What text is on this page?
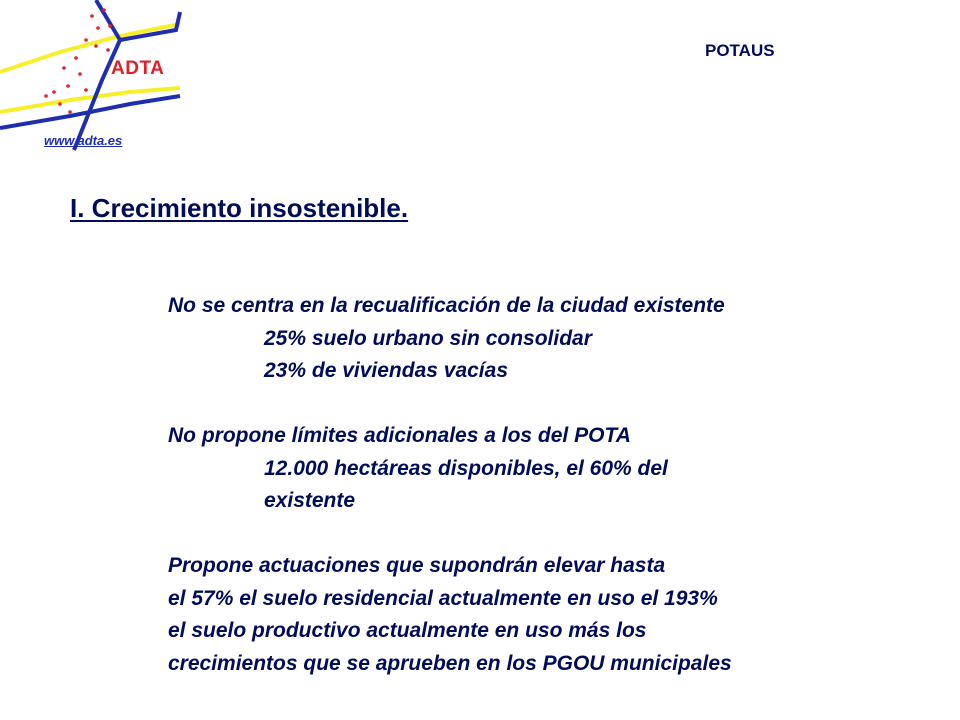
ADTA
www.adta.es
POTAUS
I. Crecimiento insostenible.
No se centra en la recualificación de la ciudad existente
25% suelo urbano sin consolidar
23% de viviendas vacías
No propone límites adicionales a los del POTA
12.000 hectáreas disponibles, el 60% del
existente
Propone actuaciones que supondrán elevar hasta
el 57% el suelo residencial actualmente en uso el 193%
el suelo productivo actualmente en uso más los
crecimientos que se aprueben en los PGOU municipales
